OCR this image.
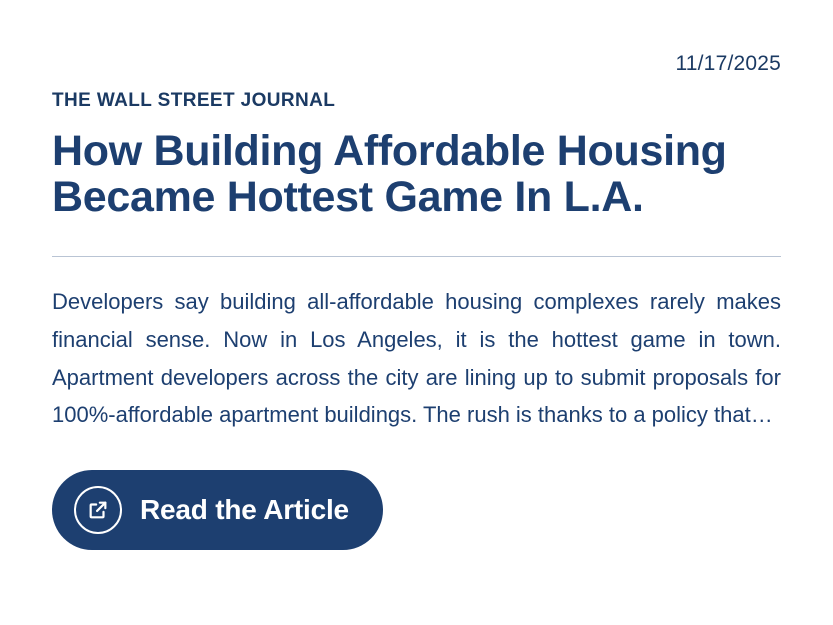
11/17/2025
THE WALL STREET JOURNAL
How Building Affordable Housing Became Hottest Game In L.A.

Developers say building all-affordable housing complexes rarely makes financial sense. Now in Los Angeles, it is the hottest game in town. Apartment developers across the city are lining up to submit proposals for 100%-affordable apartment buildings. The rush is thanks to a policy that…

Read the Article
